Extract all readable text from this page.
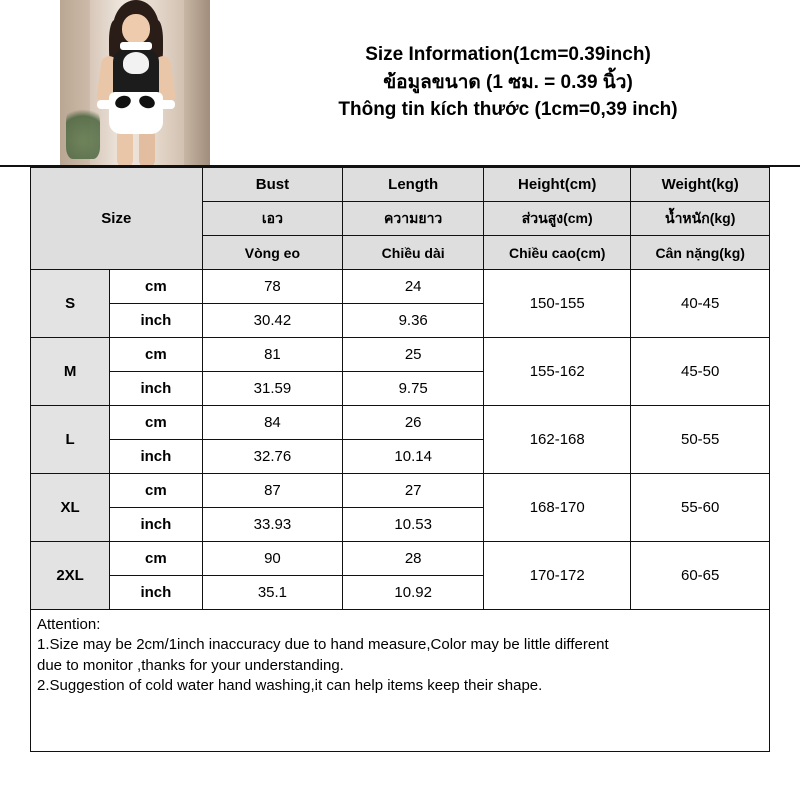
Size Information(1cm=0.39inch)
ข้อมูลขนาด (1 ซม. = 0.39 นิ้ว)
Thông tin kích thước (1cm=0,39 inch)
Size		Bust	Length	Height(cm)	Weight(kg)
		เอว	ความยาว	ส่วนสูง(cm)	น้ำหนัก(kg)
		Vòng eo	Chiều dài	Chiều cao(cm)	Cân nặng(kg)
S	cm	78	24	150-155	40-45
	inch	30.42	9.36		
M	cm	81	25	155-162	45-50
	inch	31.59	9.75		
L	cm	84	26	162-168	50-55
	inch	32.76	10.14		
XL	cm	87	27	168-170	55-60
	inch	33.93	10.53		
2XL	cm	90	28	170-172	60-65
	inch	35.1	10.92		

Attention:

1.Size may be 2cm/1inch inaccuracy due to hand measure,Color may be little different

due to monitor ,thanks for your understanding.

2.Suggestion of cold water hand washing,it can help items keep their shape.
